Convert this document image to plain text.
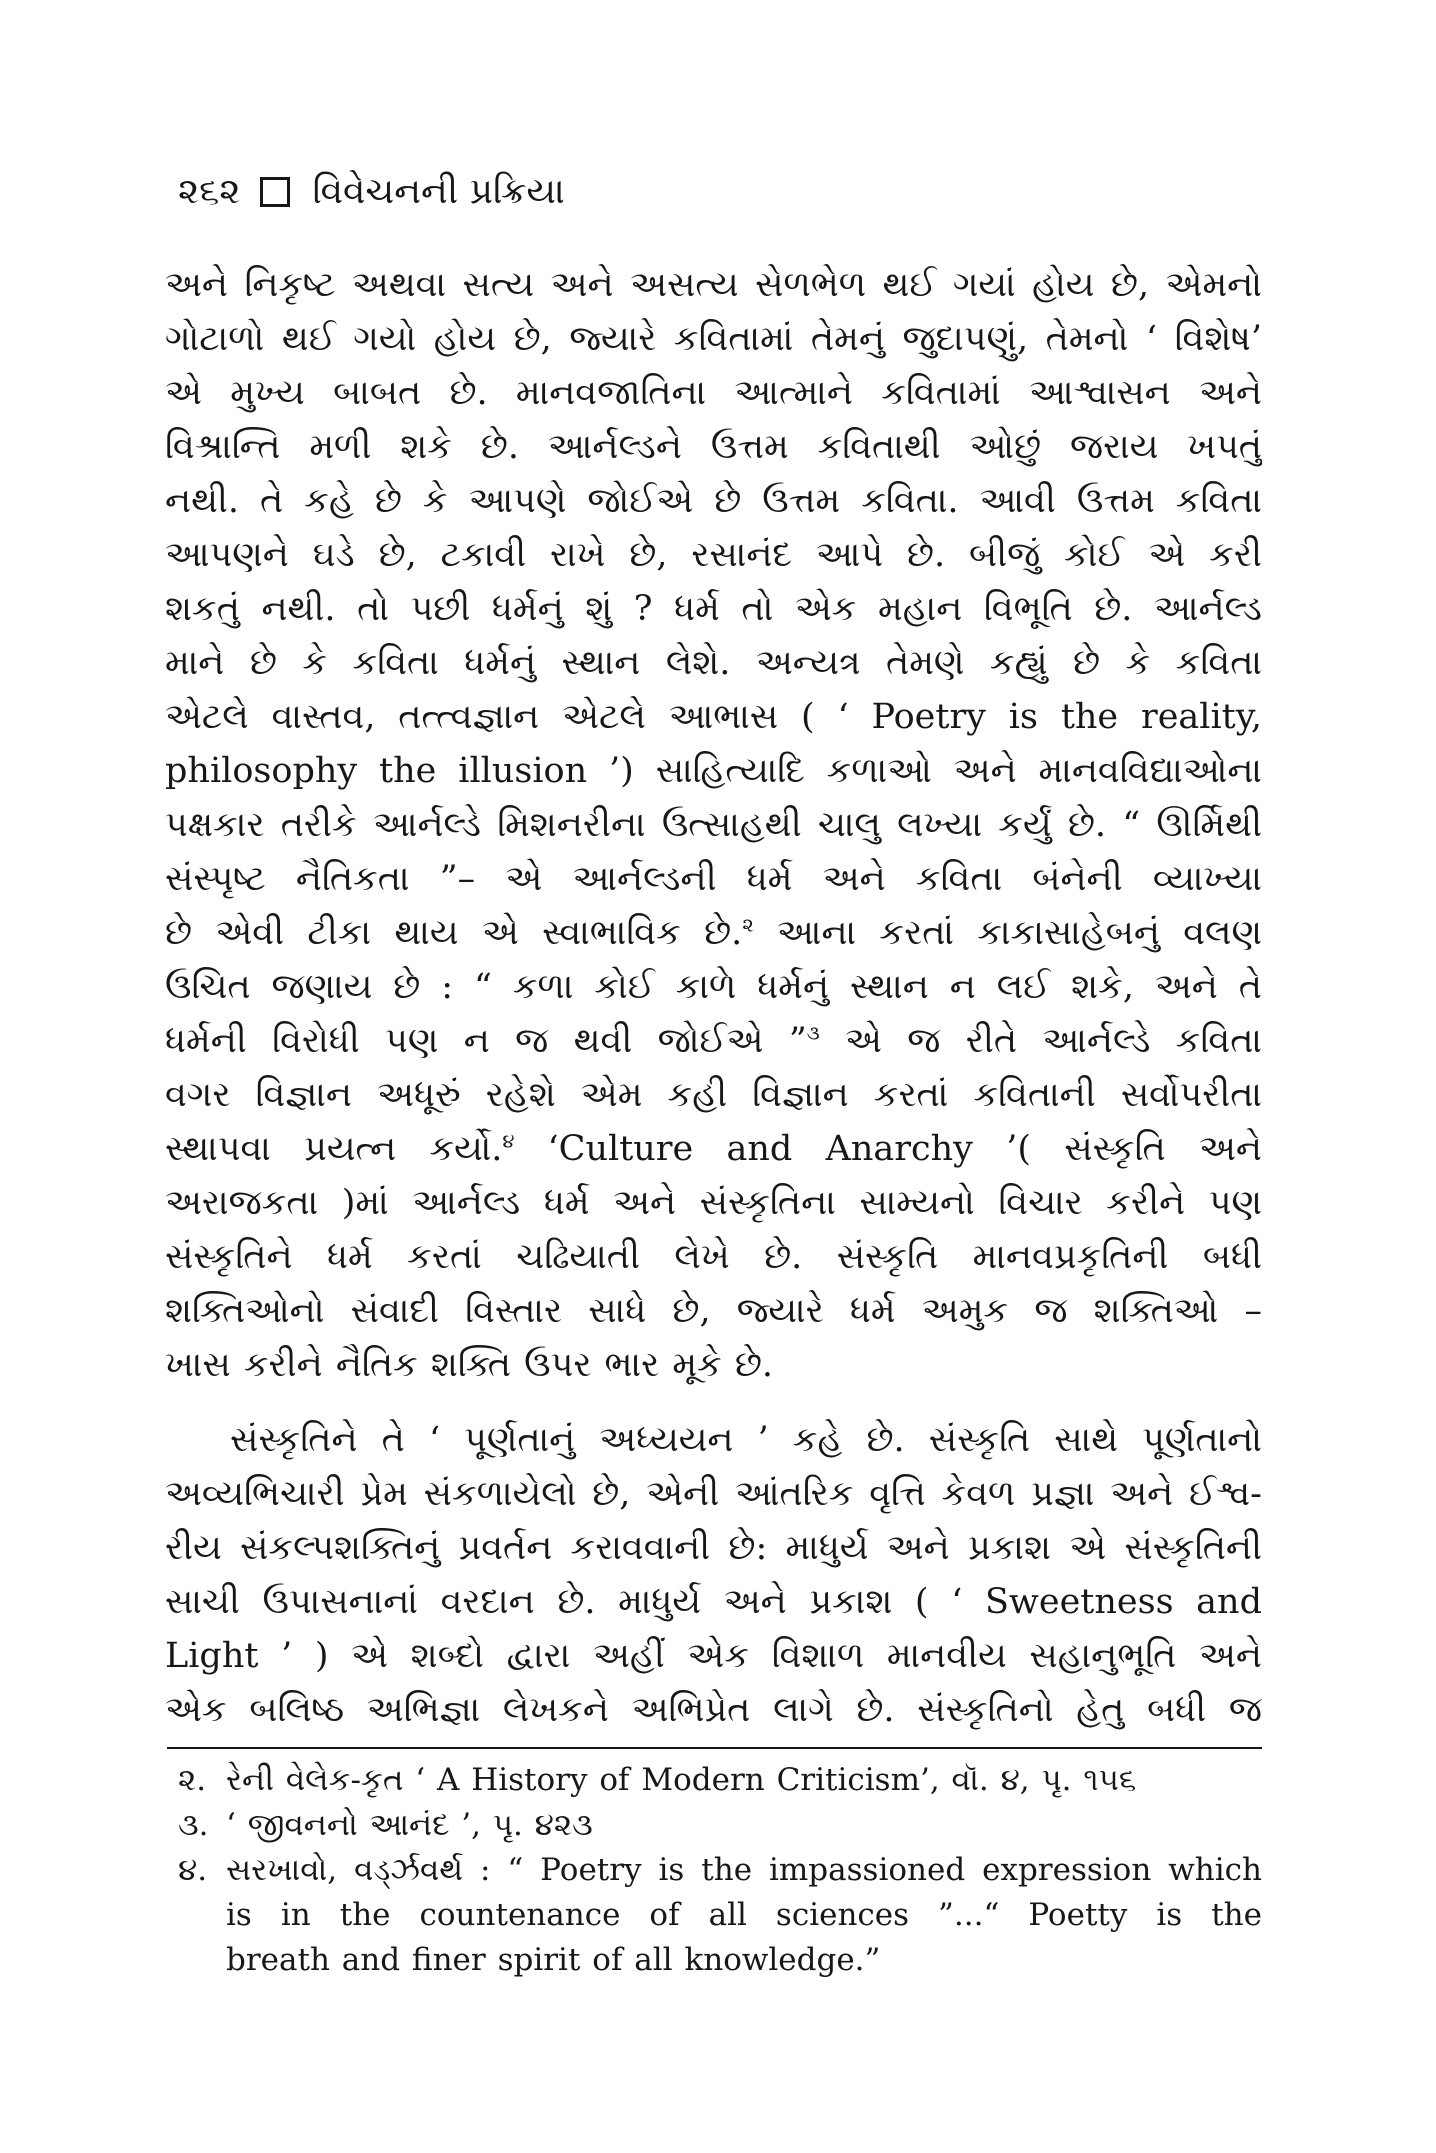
૨૬૨ વિવેચનની પ્રક્રિયા
અને નિકૃષ્ટ અથવા સત્ય અને અસત્ય સેળભેળ થઈ ગયાં હોય છે, એમનો
ગોટાળો થઈ ગયો હોય છે, જ્યારે કવિતામાં તેમનું જુદાપણું, તેમનો ‘ વિશેષ’
એ મુખ્ય બાબત છે. માનવજાતિના આત્માને કવિતામાં આશ્વાસન અને
વિશ્રાન્તિ મળી શકે છે. આર્નલ્ડને ઉત્તમ કવિતાથી ઓછું જરાય ખપતું
નથી. તે કહે છે કે આપણે જોઈએ છે ઉત્તમ કવિતા. આવી ઉત્તમ કવિતા
આપણને ઘડે છે, ટકાવી રાખે છે, રસાનંદ આપે છે. બીજું કોઈ એ કરી
શકતું નથી. તો પછી ધર્મનું શું ? ધર્મ તો એક મહાન વિભૂતિ છે. આર્નલ્ડ
માને છે કે કવિતા ધર્મનું સ્થાન લેશે. અન્યત્ર તેમણે કહ્યું છે કે કવિતા
એટલે વાસ્તવ, તત્ત્વજ્ઞાન એટલે આભાસ ( ‘ Poetry is the reality,
philosophy the illusion ’) સાહિત્યાદિ કળાઓ અને માનવવિદ્યાઓના
પક્ષકાર તરીકે આર્નલ્ડે મિશનરીના ઉત્સાહથી ચાલુ લખ્યા કર્યું છે. “ ઊર્મિથી
સંસ્પૃષ્ટ નૈતિકતા ”– એ આર્નલ્ડની ધર્મ અને કવિતા બંનેની વ્યાખ્યા
છે એવી ટીકા થાય એ સ્વાભાવિક છે.$^૨$ આના કરતાં કાકાસાહેબનું વલણ
ઉચિત જણાય છે : “ કળા કોઈ કાળે ધર્મનું સ્થાન ન લઈ શકે, અને તે
ધર્મની વિરોધી પણ ન જ થવી જોઈએ ”$^૩$ એ જ રીતે આર્નલ્ડે કવિતા
વગર વિજ્ઞાન અધૂરું રહેશે એમ કહી વિજ્ઞાન કરતાં કવિતાની સર્વોપરીતા
સ્થાપવા પ્રયત્ન કર્યો.$^૪$ ‘Culture and Anarchy ’( સંસ્કૃતિ અને
અરાજકતા )માં આર્નલ્ડ ધર્મ અને સંસ્કૃતિના સામ્યનો વિચાર કરીને પણ
સંસ્કૃતિને ધર્મ કરતાં ચઢિયાતી લેખે છે. સંસ્કૃતિ માનવપ્રકૃતિની બધી
શક્તિઓનો સંવાદી વિસ્તાર સાધે છે, જ્યારે ધર્મ અમુક જ શક્તિઓ –
ખાસ કરીને નૈતિક શક્તિ ઉપર ભાર મૂકે છે.
સંસ્કૃતિને તે ‘ પૂર્ણતાનું અધ્યયન ’ કહે છે. સંસ્કૃતિ સાથે પૂર્ણતાનો
અવ્યભિચારી પ્રેમ સંકળાયેલો છે, એની આંતરિક વૃત્તિ કેવળ પ્રજ્ઞા અને ઈશ્વ-
રીય સંકલ્પશક્તિનું પ્રવર્તન કરાવવાની છે: માધુર્ય અને પ્રકાશ એ સંસ્કૃતિની
સાચી ઉપાસનાનાં વરદાન છે. માધુર્ય અને પ્રકાશ ( ‘ Sweetness and
Light ’ ) એ શબ્દો દ્વારા અહીં એક વિશાળ માનવીય સહાનુભૂતિ અને
એક બલિષ્ઠ અભિજ્ઞા લેખકને અભિપ્રેત લાગે છે. સંસ્કૃતિનો હેતુ બધી જ
૨. રેની વેલેક-કૃત ‘ A History of Modern Criticism’, વૉ. ૪, પૃ. ૧૫૬
૩. ‘ જીવનનો આનંદ ’, પૃ. ૪૨૩
૪. સરખાવો, વર્ડ્ઝવર્થ : “ Poetry is the impassioned expression which
is in the countenance of all sciences ”...“ Poetty is the
breath and finer spirit of all knowledge.”
